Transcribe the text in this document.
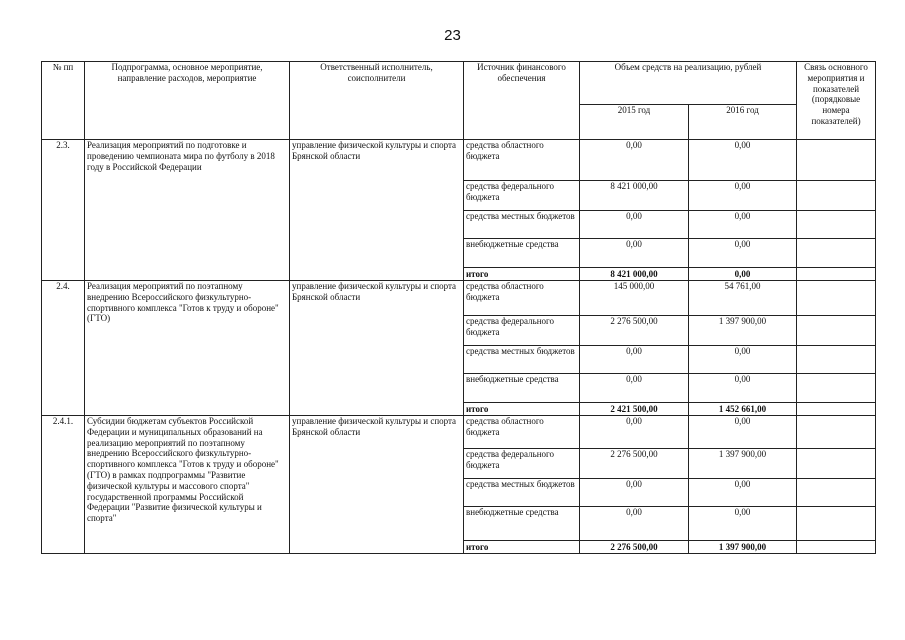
23
№ пп	Подпрограмма, основное мероприятие, направление расходов, мероприятие	Ответственный исполнитель, соисполнители	Источник финансового обеспечения	Объем средств на реализацию, рублей		Связь основного мероприятия и показателей (порядковые номера показателей)
				2015 год	2016 год	
2.3.	Реализация мероприятий по подготовке и проведению чемпионата мира по футболу в 2018 году в Российской Федерации	управление физической культуры и спорта Брянской области	средства областного бюджета	0,00	0,00	
			средства федерального бюджета	8 421 000,00	0,00	
			средства местных бюджетов	0,00	0,00	
			внебюджетные средства	0,00	0,00	
			итого	8 421 000,00	0,00	
2.4.	Реализация мероприятий по поэтапному внедрению Всероссийского физкультурно-спортивного комплекса "Готов к труду и обороне" (ГТО)	управление физической культуры и спорта Брянской области	средства областного бюджета	145 000,00	54 761,00	
			средства федерального бюджета	2 276 500,00	1 397 900,00	
			средства местных бюджетов	0,00	0,00	
			внебюджетные средства	0,00	0,00	
			итого	2 421 500,00	1 452 661,00	
2.4.1.	Субсидии бюджетам субъектов Российской Федерации и муниципальных образований на реализацию мероприятий по поэтапному внедрению Всероссийского физкультурно-спортивного комплекса "Готов к труду и обороне" (ГТО) в рамках подпрограммы "Развитие физической культуры и массового спорта" государственной программы Российской Федерации "Развитие физической культуры и спорта"	управление физической культуры и спорта Брянской области	средства областного бюджета	0,00	0,00	
			средства федерального бюджета	2 276 500,00	1 397 900,00	
			средства местных бюджетов	0,00	0,00	
			внебюджетные средства	0,00	0,00	
			итого	2 276 500,00	1 397 900,00	
